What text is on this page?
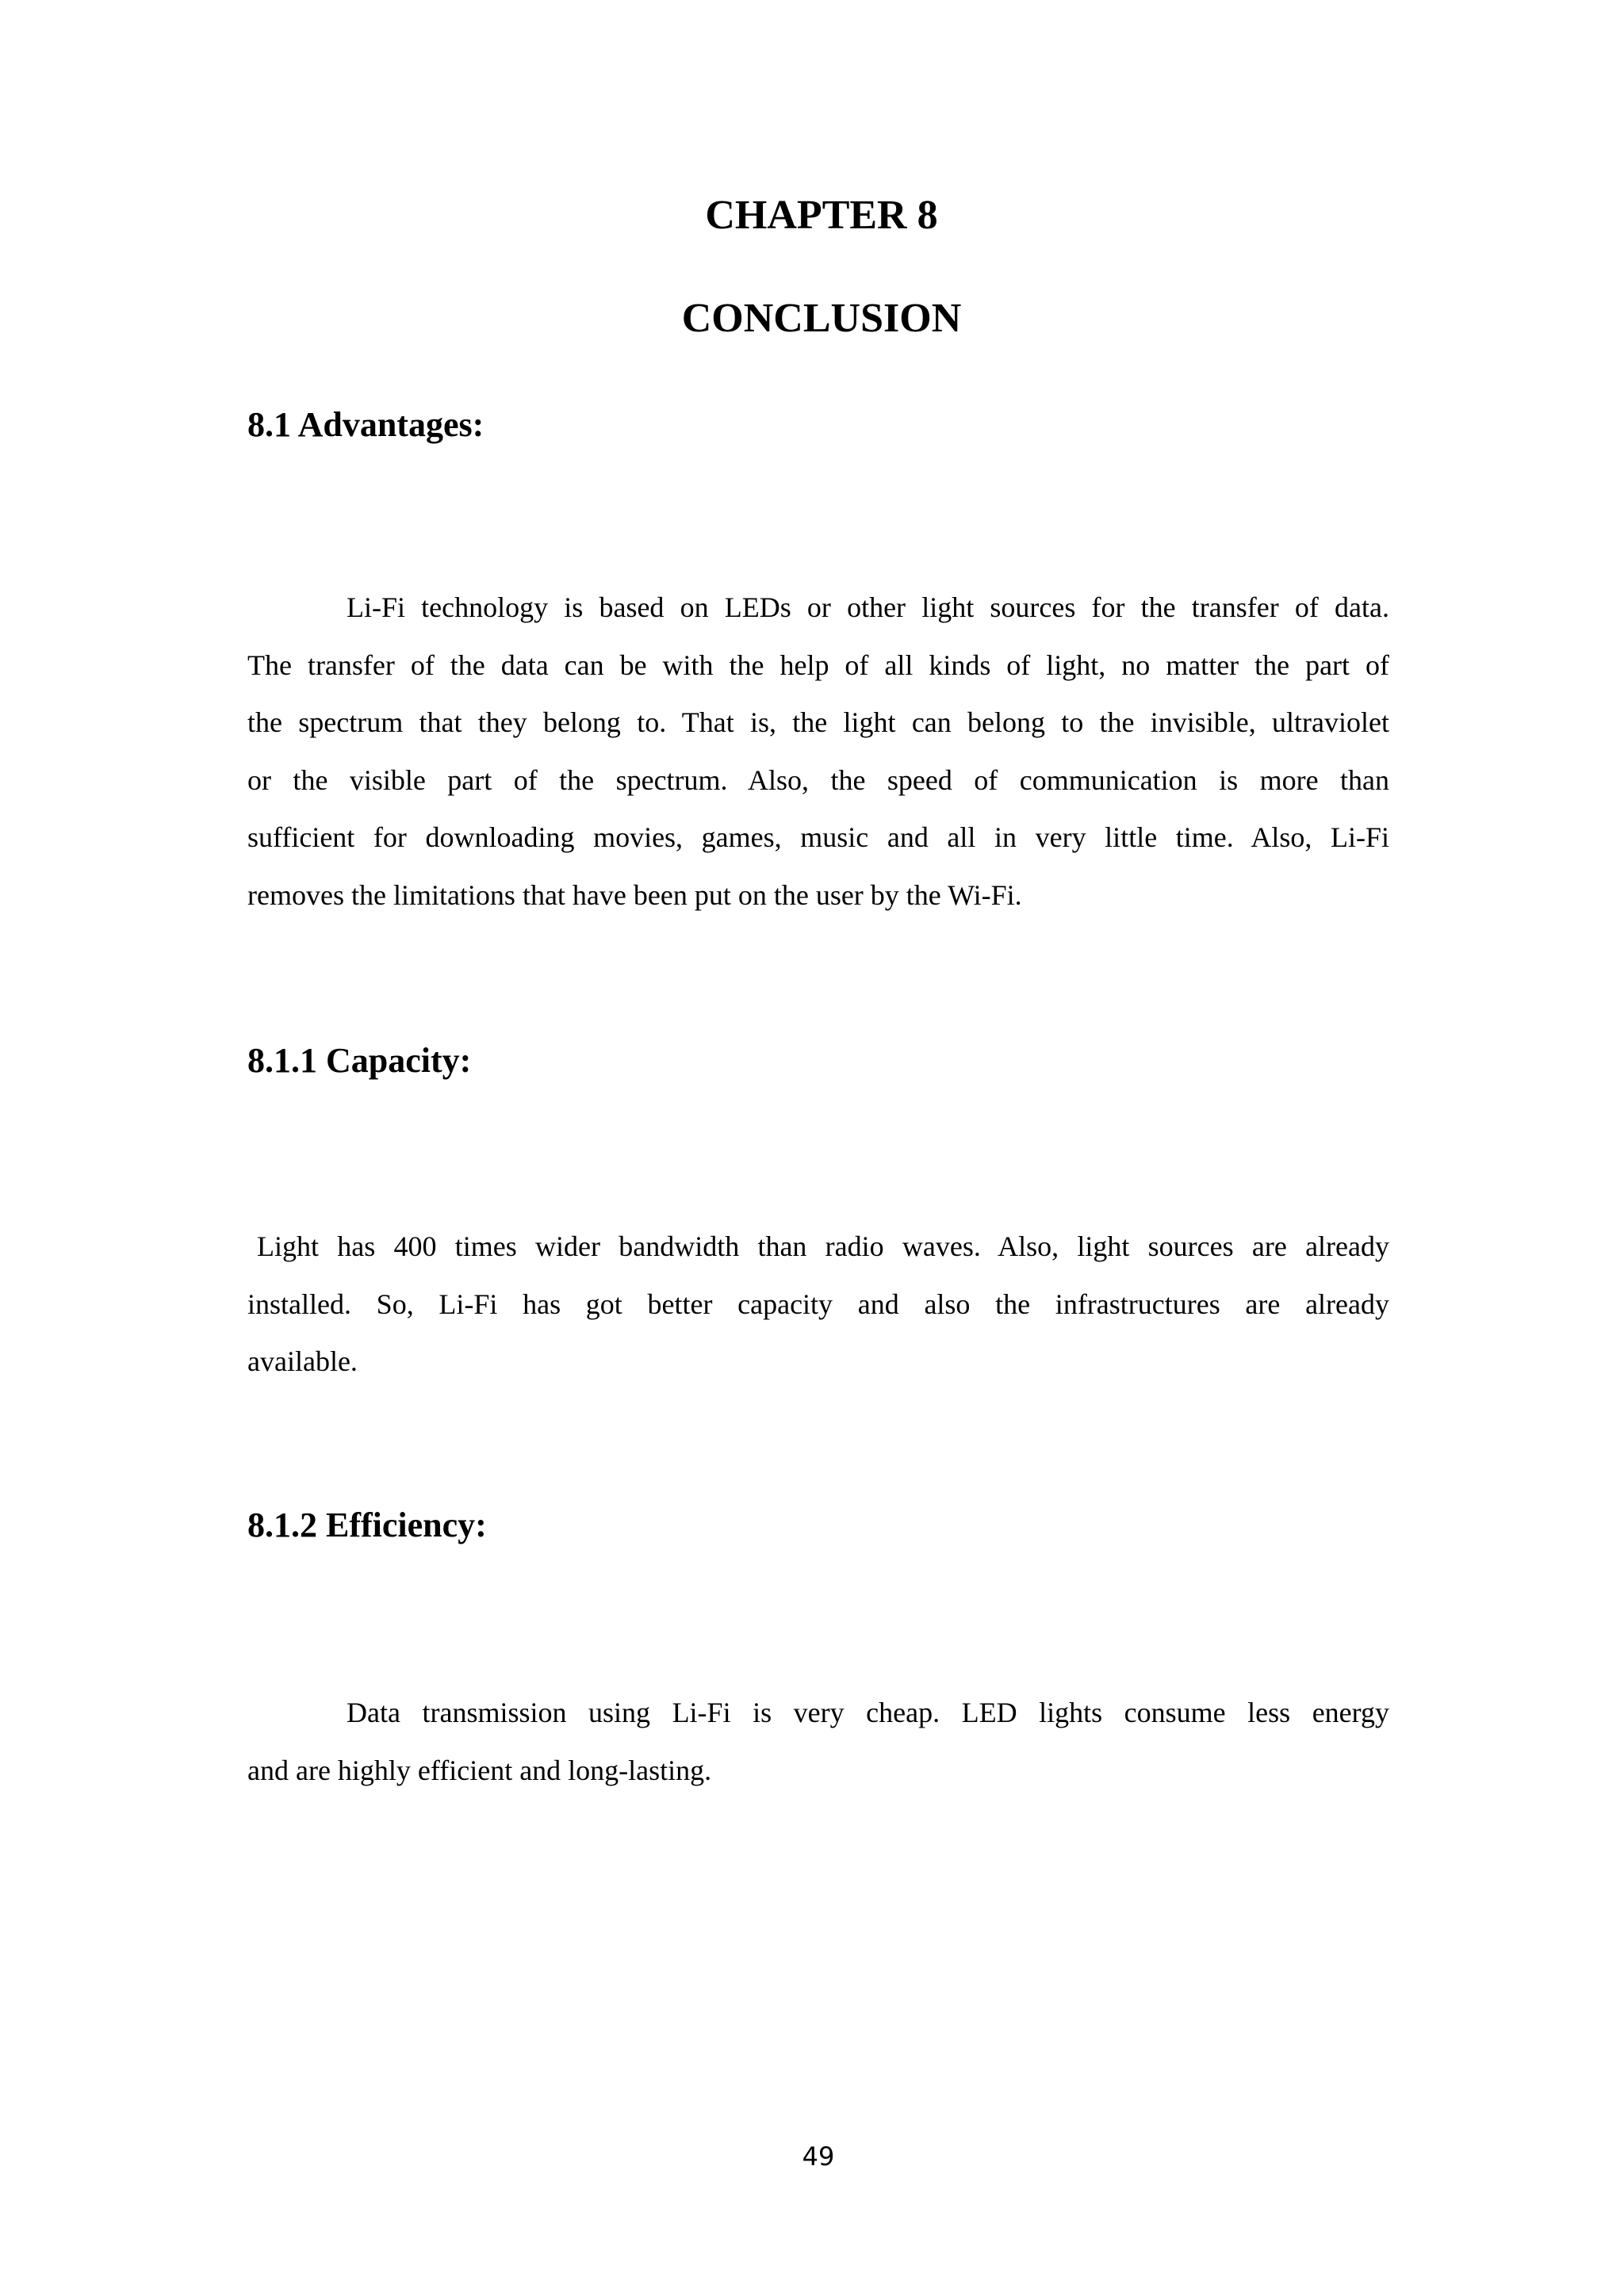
CHAPTER 8
CONCLUSION
8.1 Advantages:
Li-Fi technology is based on LEDs or other light sources for the transfer of data.
The transfer of the data can be with the help of all kinds of light, no matter the part of
the spectrum that they belong to. That is, the light can belong to the invisible, ultraviolet
or the visible part of the spectrum. Also, the speed of communication is more than
sufficient for downloading movies, games, music and all in very little time. Also, Li-Fi
removes the limitations that have been put on the user by the Wi-Fi.
8.1.1 Capacity:
Light has 400 times wider bandwidth than radio waves. Also, light sources are already
installed. So, Li-Fi has got better capacity and also the infrastructures are already
available.
8.1.2 Efficiency:
Data transmission using Li-Fi is very cheap. LED lights consume less energy
and are highly efficient and long-lasting.
49
